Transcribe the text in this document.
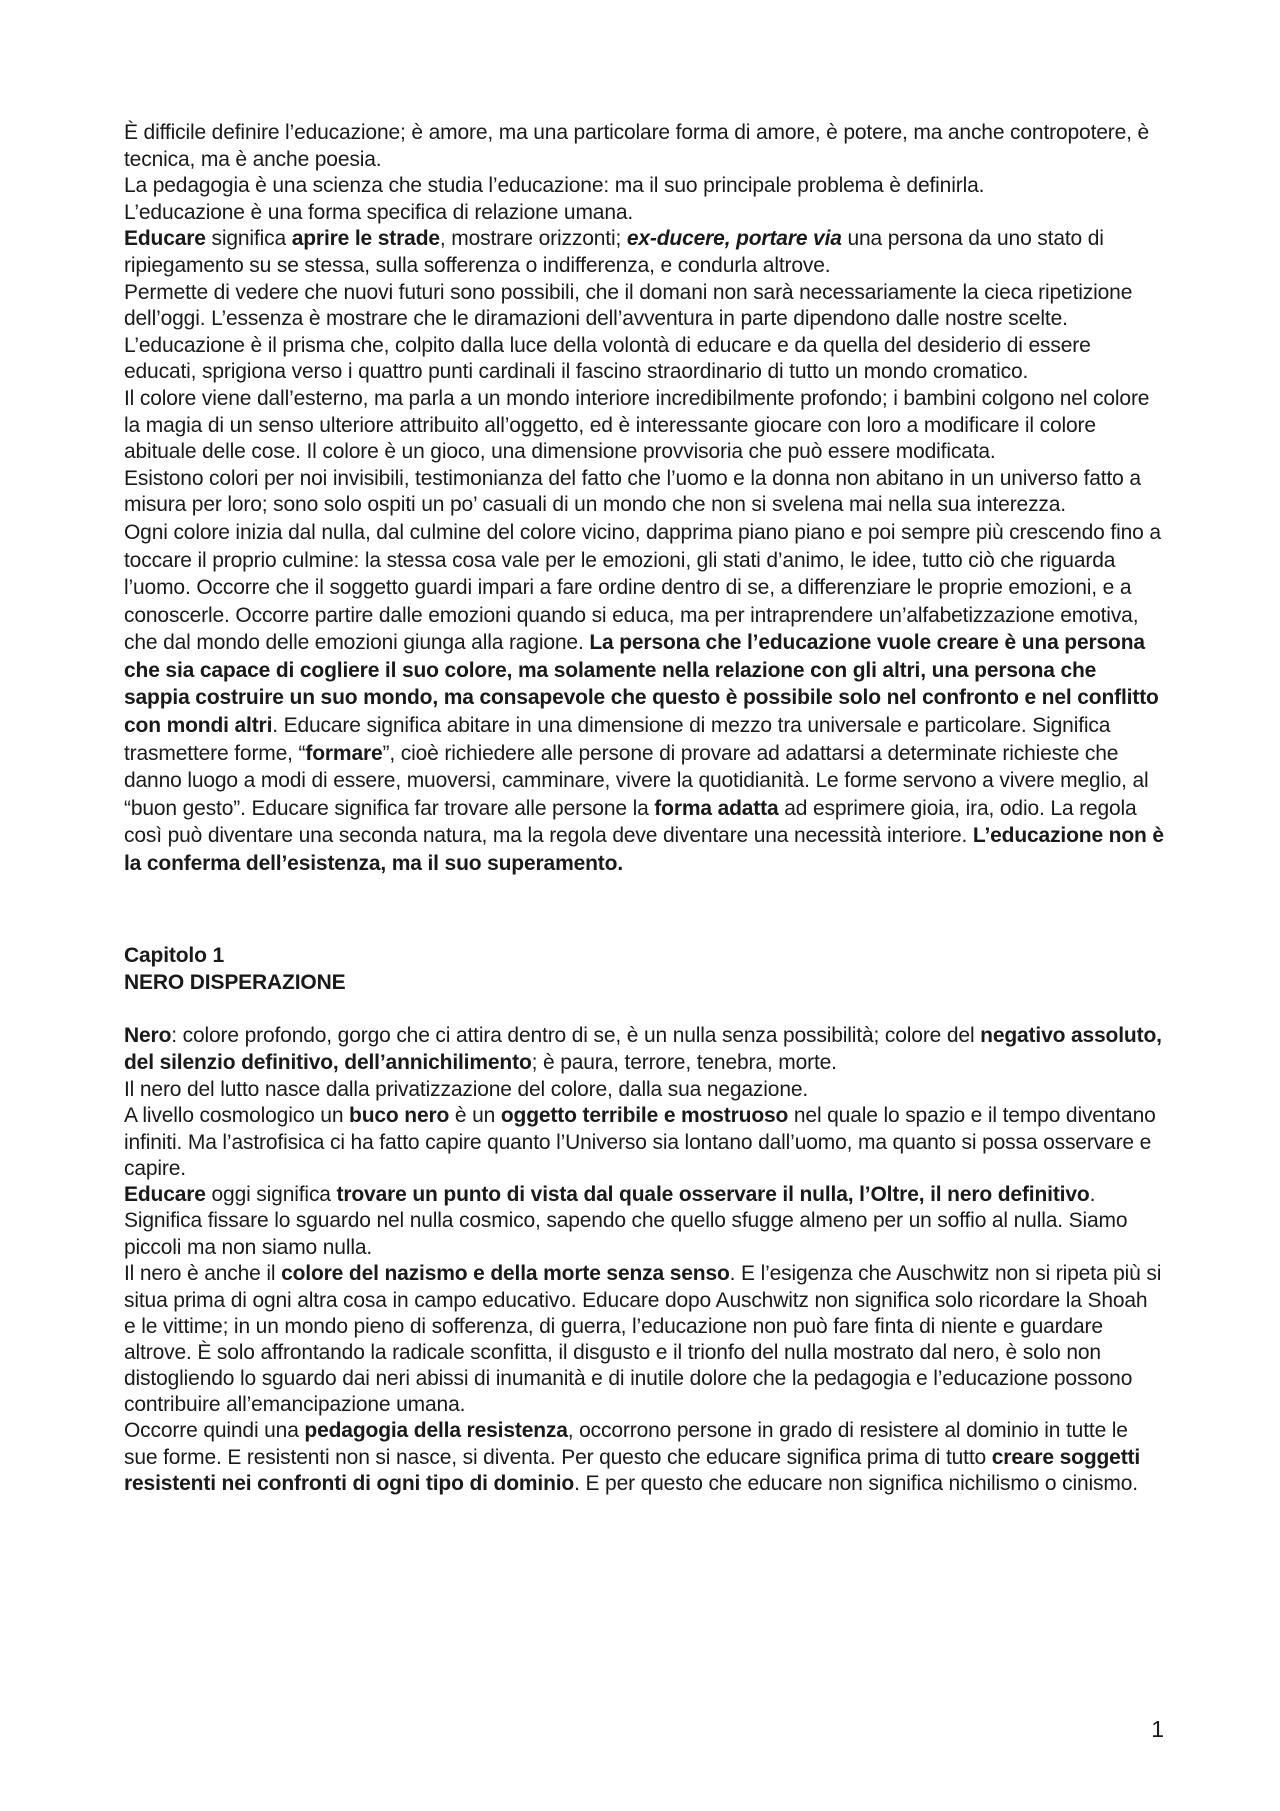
È difficile definire l’educazione; è amore, ma una particolare forma di amore, è potere, ma anche contropotere, è tecnica, ma è anche poesia.

La pedagogia è una scienza che studia l’educazione: ma il suo principale problema è definirla.

L’educazione è una forma specifica di relazione umana.

Educare significa aprire le strade, mostrare orizzonti; ex-ducere, portare via una persona da uno stato di ripiegamento su se stessa, sulla sofferenza o indifferenza, e condurla altrove.

Permette di vedere che nuovi futuri sono possibili, che il domani non sarà necessariamente la cieca ripetizione dell’oggi. L’essenza è mostrare che le diramazioni dell’avventura in parte dipendono dalle nostre scelte.

L’educazione è il prisma che, colpito dalla luce della volontà di educare e da quella del desiderio di essere educati, sprigiona verso i quattro punti cardinali il fascino straordinario di tutto un mondo cromatico.

Il colore viene dall’esterno, ma parla a un mondo interiore incredibilmente profondo; i bambini colgono nel colore la magia di un senso ulteriore attribuito all’oggetto, ed è interessante giocare con loro a modificare il colore abituale delle cose. Il colore è un gioco, una dimensione provvisoria che può essere modificata.

Esistono colori per noi invisibili, testimonianza del fatto che l’uomo e la donna non abitano in un universo fatto a misura per loro; sono solo ospiti un po’ casuali di un mondo che non si svelena mai nella sua interezza.

Ogni colore inizia dal nulla, dal culmine del colore vicino, dapprima piano piano e poi sempre più crescendo fino a toccare il proprio culmine: la stessa cosa vale per le emozioni, gli stati d’animo, le idee, tutto ciò che riguarda l’uomo. Occorre che il soggetto guardi impari a fare ordine dentro di se, a differenziare le proprie emozioni, e a conoscerle. Occorre partire dalle emozioni quando si educa, ma per intraprendere un’alfabetizzazione emotiva, che dal mondo delle emozioni giunga alla ragione. La persona che l’educazione vuole creare è una persona che sia capace di cogliere il suo colore, ma solamente nella relazione con gli altri, una persona che sappia costruire un suo mondo, ma consapevole che questo è possibile solo nel confronto e nel conflitto con mondi altri. Educare significa abitare in una dimensione di mezzo tra universale e particolare. Significa trasmettere forme, “formare”, cioè richiedere alle persone di provare ad adattarsi a determinate richieste che danno luogo a modi di essere, muoversi, camminare, vivere la quotidianità. Le forme servono a vivere meglio, al “buon gesto”. Educare significa far trovare alle persone la forma adatta ad esprimere gioia, ira, odio. La regola così può diventare una seconda natura, ma la regola deve diventare una necessità interiore. L’educazione non è la conferma dell’esistenza, ma il suo superamento.

Capitolo 1

NERO DISPERAZIONE

Nero: colore profondo, gorgo che ci attira dentro di se, è un nulla senza possibilità; colore del negativo assoluto, del silenzio definitivo, dell’annichilimento; è paura, terrore, tenebra, morte.

Il nero del lutto nasce dalla privatizzazione del colore, dalla sua negazione.

A livello cosmologico un buco nero è un oggetto terribile e mostruoso nel quale lo spazio e il tempo diventano infiniti. Ma l’astrofisica ci ha fatto capire quanto l’Universo sia lontano dall’uomo, ma quanto si possa osservare e capire.

Educare oggi significa trovare un punto di vista dal quale osservare il nulla, l’Oltre, il nero definitivo. Significa fissare lo sguardo nel nulla cosmico, sapendo che quello sfugge almeno per un soffio al nulla. Siamo piccoli ma non siamo nulla.

Il nero è anche il colore del nazismo e della morte senza senso. E l’esigenza che Auschwitz non si ripeta più si situa prima di ogni altra cosa in campo educativo. Educare dopo Auschwitz non significa solo ricordare la Shoah e le vittime; in un mondo pieno di sofferenza, di guerra, l’educazione non può fare finta di niente e guardare altrove. È solo affrontando la radicale sconfitta, il disgusto e il trionfo del nulla mostrato dal nero, è solo non distogliendo lo sguardo dai neri abissi di inumanità e di inutile dolore che la pedagogia e l’educazione possono contribuire all’emancipazione umana.

Occorre quindi una pedagogia della resistenza, occorrono persone in grado di resistere al dominio in tutte le sue forme. E resistenti non si nasce, si diventa. Per questo che educare significa prima di tutto creare soggetti resistenti nei confronti di ogni tipo di dominio. E per questo che educare non significa nichilismo o cinismo.

1
